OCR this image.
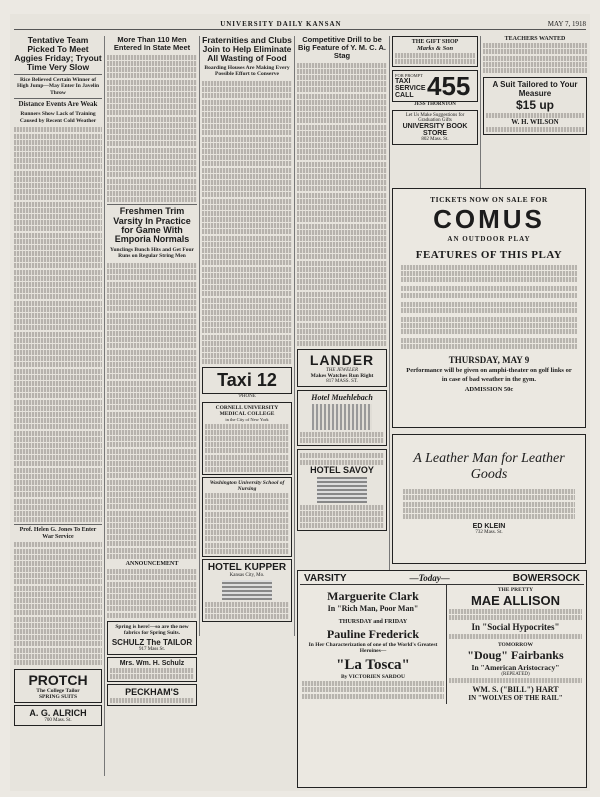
UNIVERSITY DAILY KANSAN	MAY 7, 1918
Tentative Team Picked To Meet Aggies Friday; Tryout Time Very Slow
Rice Believed Certain Winner of High Jump—May Enter In Javelin Throw
Distance Events Are Weak
Runners Show Lack of Training Caused by Recent Cold Weather
Prof. Helen G. Jones To Enter War Service
PROTCH
The College Tailor
SPRING SUITS
A. G. ALRICH
700 Mass. St.
More Than 110 Men Entered In State Meet
Freshmen Trim Varsity In Practice for Game With Emporia Normals
Yunclings Bunch Hits and Get Four Runs on Regular String Men
ANNOUNCEMENT
Spring is here!—so are the new fabrics for Spring Suits.
SCHULZ The TAILOR
917 Mass St.
Mrs. Wm. H. Schulz
PECKHAM'S
Fraternities and Clubs Join to Help Eliminate All Wasting of Food
Boarding Houses Are Making Every Possible Effort to Conserve
Taxi 12
'PHONE
CORNELL UNIVERSITY MEDICAL COLLEGE
in the City of New York
Washington University School of Nursing
HOTEL KUPPER
Kansas City, Mo.
Competitive Drill to be Big Feature of Y. M. C. A. Stag
LANDER
THE JEWELER
Makes Watches Run Right
817 MASS. ST.
Hotel Muehlebach
HOTEL SAVOY
THE GIFT SHOP
Marks & Son
FOR PROMPT
TAXI SERVICE CALL 455
JESS THORNTON
Let Us Make Suggestions for Graduation Gifts
UNIVERSITY BOOK STORE
802 Mass. St.
TEACHERS WANTED
A Suit Tailored to Your Measure
$15 up
W. H. WILSON
TICKETS NOW ON SALE FOR
COMUS
AN OUTDOOR PLAY
FEATURES OF THIS PLAY
THURSDAY, MAY 9
Performance will be given on amphi-theater on golf links or in case of bad weather in the gym.
ADMISSION 50c
A Leather Man for Leather Goods
ED KLEIN
732 Mass. St.
VARSITY	—Today—	BOWERSOCK
Marguerite Clark
In "Rich Man, Poor Man"
THURSDAY and FRIDAY
Pauline Frederick
In Her Characterization of one of the World's Greatest Heroines—
"La Tosca"
By VICTORIEN SARDOU
THE PRETTY
MAE ALLISON
In "Social Hypocrites"
TOMORROW
"Doug" Fairbanks
In "American Aristocracy"
(REPEATED)
WM. S. ("BILL") HART
IN "WOLVES OF THE RAIL"
